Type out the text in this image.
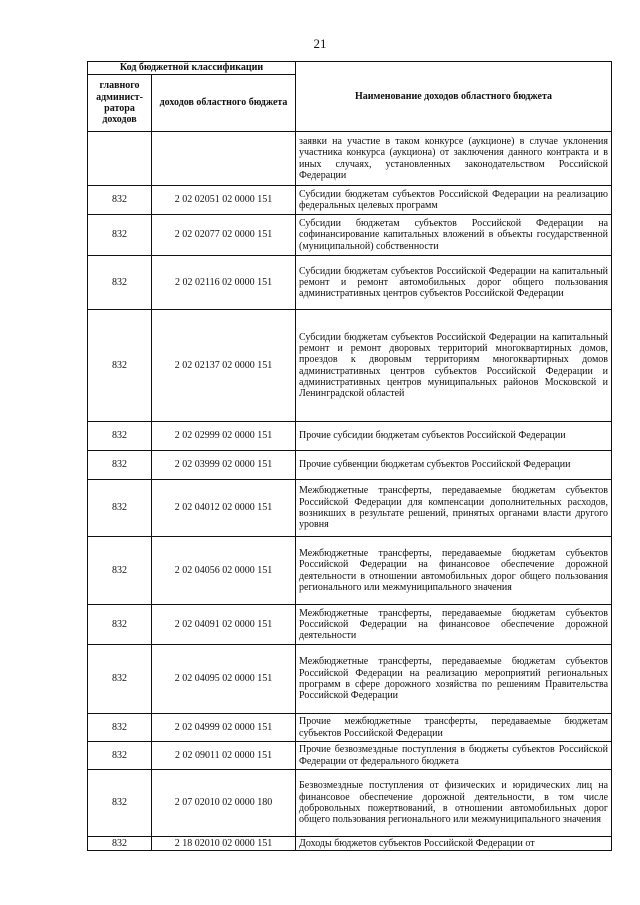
21
Код бюджетной классификации		Наименование доходов областного бюджета
главного админист-ратора доходов	доходов областного бюджета	
		заявки на участие в таком конкурсе (аукционе) в случае уклонения участника конкурса (аукциона) от заключения данного контракта и в иных случаях, установленных законодательством Российской Федерации
832	2 02 02051 02 0000 151	Субсидии бюджетам субъектов Российской Федерации на реализацию федеральных целевых программ
832	2 02 02077 02 0000 151	Субсидии бюджетам субъектов Российской Федерации на софинансирование капитальных вложений в объекты государственной (муниципальной) собственности
832	2 02 02116 02 0000 151	Субсидии бюджетам субъектов Российской Федерации на капитальный ремонт и ремонт автомобильных дорог общего пользования административных центров субъектов Российской Федерации
832	2 02 02137 02 0000 151	Субсидии бюджетам субъектов Российской Федерации на капитальный ремонт и ремонт дворовых территорий многоквартирных домов, проездов к дворовым территориям многоквартирных домов административных центров субъектов Российской Федерации и административных центров муниципальных районов Московской и Ленинградской областей
832	2 02 02999 02 0000 151	Прочие субсидии бюджетам субъектов Российской Федерации
832	2 02 03999 02 0000 151	Прочие субвенции бюджетам субъектов Российской Федерации
832	2 02 04012 02 0000 151	Межбюджетные трансферты, передаваемые бюджетам субъектов Российской Федерации для компенсации дополнительных расходов, возникших в результате решений, принятых органами власти другого уровня
832	2 02 04056 02 0000 151	Межбюджетные трансферты, передаваемые бюджетам субъектов Российской Федерации на финансовое обеспечение дорожной деятельности в отношении автомобильных дорог общего пользования регионального или межмуниципального значения
832	2 02 04091 02 0000 151	Межбюджетные трансферты, передаваемые бюджетам субъектов Российской Федерации на финансовое обеспечение дорожной деятельности
832	2 02 04095 02 0000 151	Межбюджетные трансферты, передаваемые бюджетам субъектов Российской Федерации на реализацию мероприятий региональных программ в сфере дорожного хозяйства по решениям Правительства Российской Федерации
832	2 02 04999 02 0000 151	Прочие межбюджетные трансферты, передаваемые бюджетам субъектов Российской Федерации
832	2 02 09011 02 0000 151	Прочие безвозмездные поступления в бюджеты субъектов Российской Федерации от федерального бюджета
832	2 07 02010 02 0000 180	Безвозмездные поступления от физических и юридических лиц на финансовое обеспечение дорожной деятельности, в том числе добровольных пожертвований, в отношении автомобильных дорог общего пользования регионального или межмуниципального значения
832	2 18 02010 02 0000 151	Доходы бюджетов субъектов Российской Федерации от
